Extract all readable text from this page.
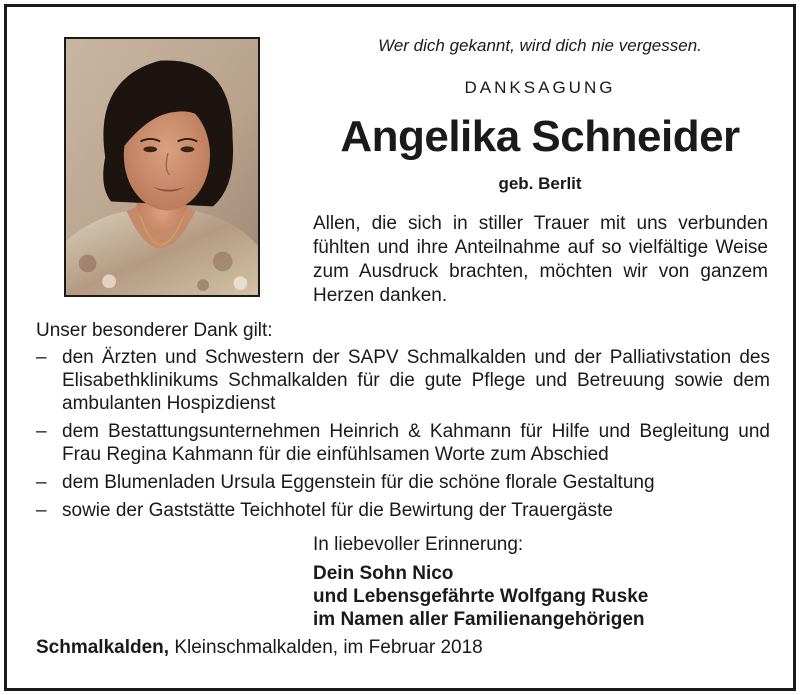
Wer dich gekannt, wird dich nie vergessen.
DANKSAGUNG
Angelika Schneider
geb. Berlit

Allen, die sich in stiller Trauer mit uns verbunden fühlten und ihre Anteilnahme auf so vielfältige Weise zum Ausdruck brachten, möchten wir von ganzem Herzen danken.

Unser besonderer Dank gilt:
– den Ärzten und Schwestern der SAPV Schmalkalden und der Palliativstation des Elisabethklinikums Schmalkalden für die gute Pflege und Betreuung sowie dem ambulanten Hospizdienst
– dem Bestattungsunternehmen Heinrich & Kahmann für Hilfe und Begleitung und Frau Regina Kahmann für die einfühlsamen Worte zum Abschied
– dem Blumenladen Ursula Eggenstein für die schöne florale Gestaltung
– sowie der Gaststätte Teichhotel für die Bewirtung der Trauergäste
In liebevoller Erinnerung:
Dein Sohn Nico
und Lebensgefährte Wolfgang Ruske
im Namen aller Familienangehörigen
Schmalkalden, Kleinschmalkalden, im Februar 2018
